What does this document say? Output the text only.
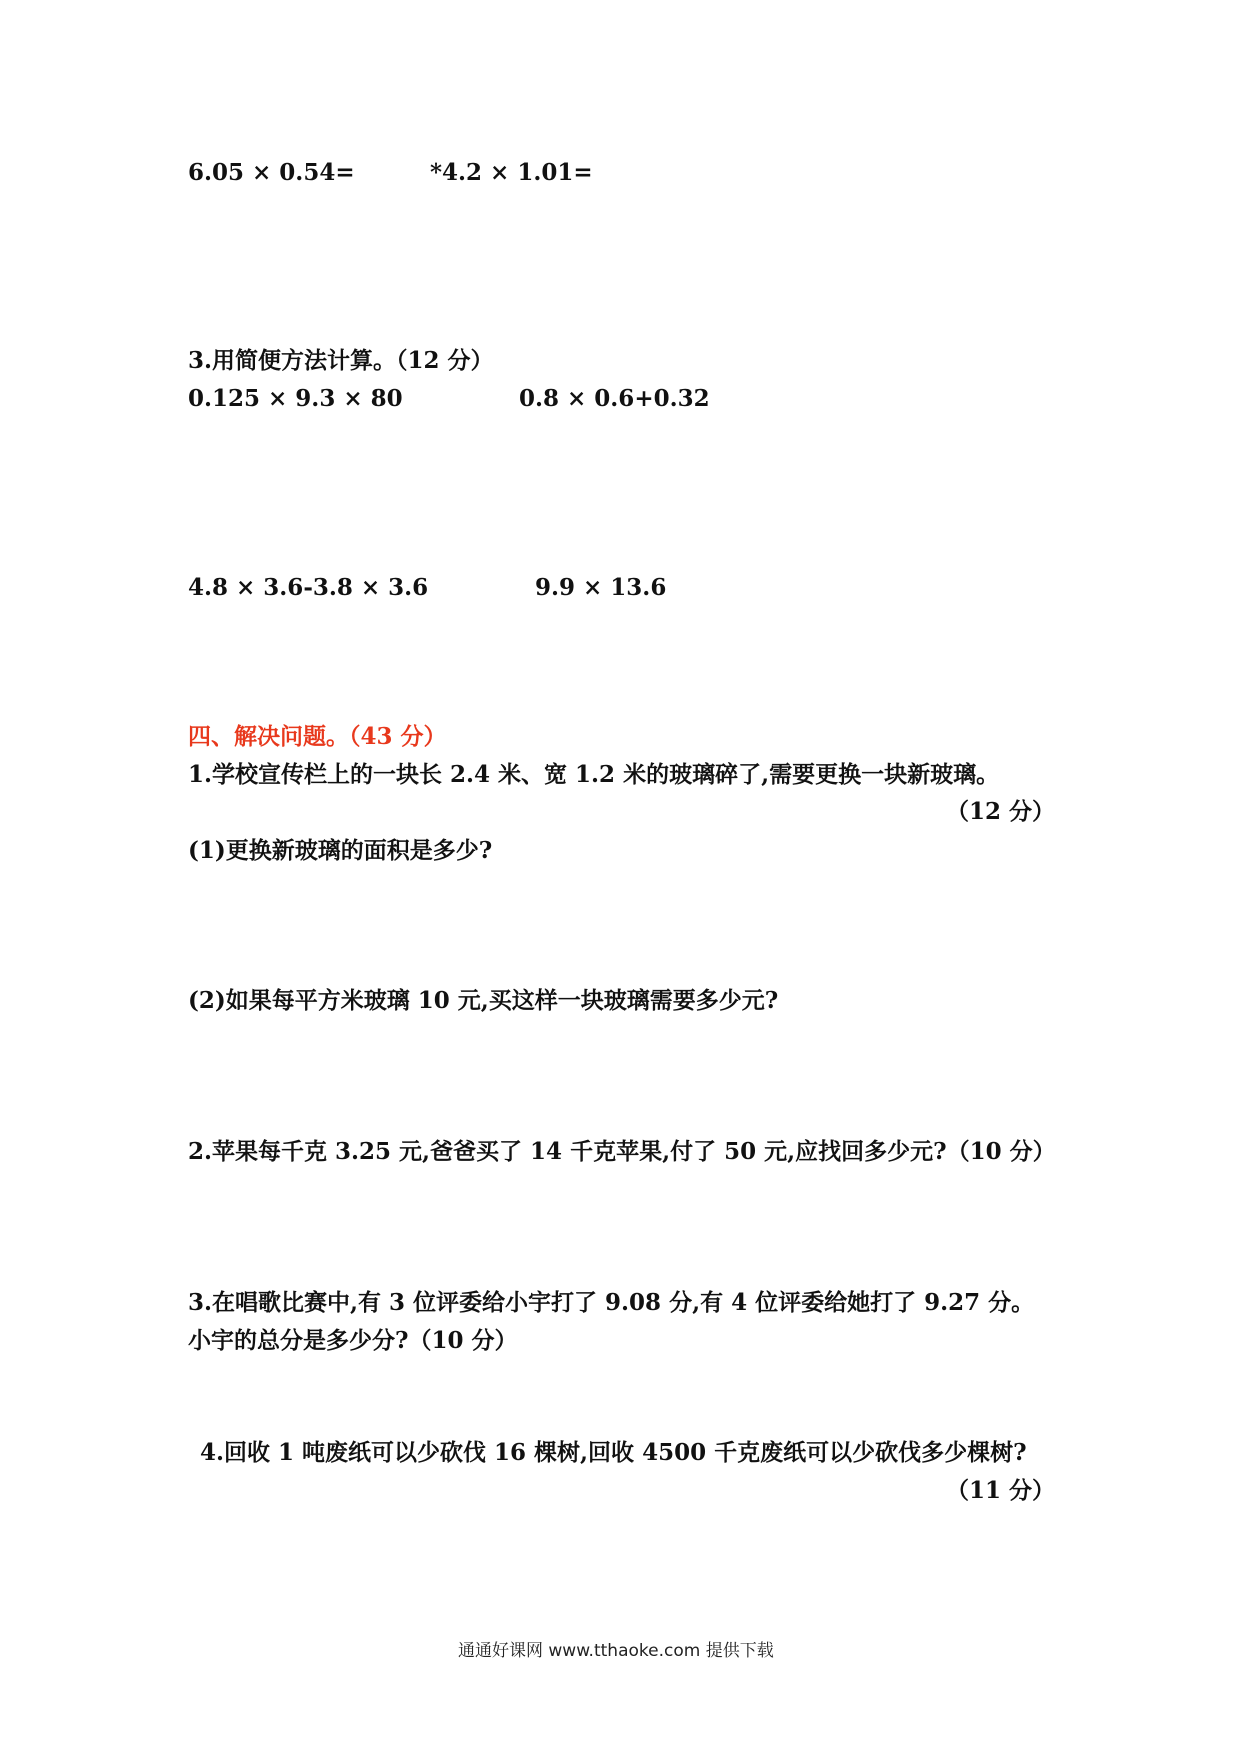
6.05 × 0.54=	*4.2 × 1.01=
3.用简便方法计算。（12 分）
0.125 × 9.3 × 80	0.8 × 0.6+0.32
4.8 × 3.6-3.8 × 3.6	9.9 × 13.6
四、解决问题。（43 分）
1.学校宣传栏上的一块长 2.4 米、宽 1.2 米的玻璃碎了,需要更换一块新玻璃。
（12 分）
(1)更换新玻璃的面积是多少?
(2)如果每平方米玻璃 10 元,买这样一块玻璃需要多少元?
2.苹果每千克 3.25 元,爸爸买了 14 千克苹果,付了 50 元,应找回多少元?（10 分）
3.在唱歌比赛中,有 3 位评委给小宇打了 9.08 分,有 4 位评委给她打了 9.27 分。
小宇的总分是多少分?（10 分）
4.回收 1 吨废纸可以少砍伐 16 棵树,回收 4500 千克废纸可以少砍伐多少棵树?
（11 分）
通通好课网 www.tthaoke.com 提供下载
